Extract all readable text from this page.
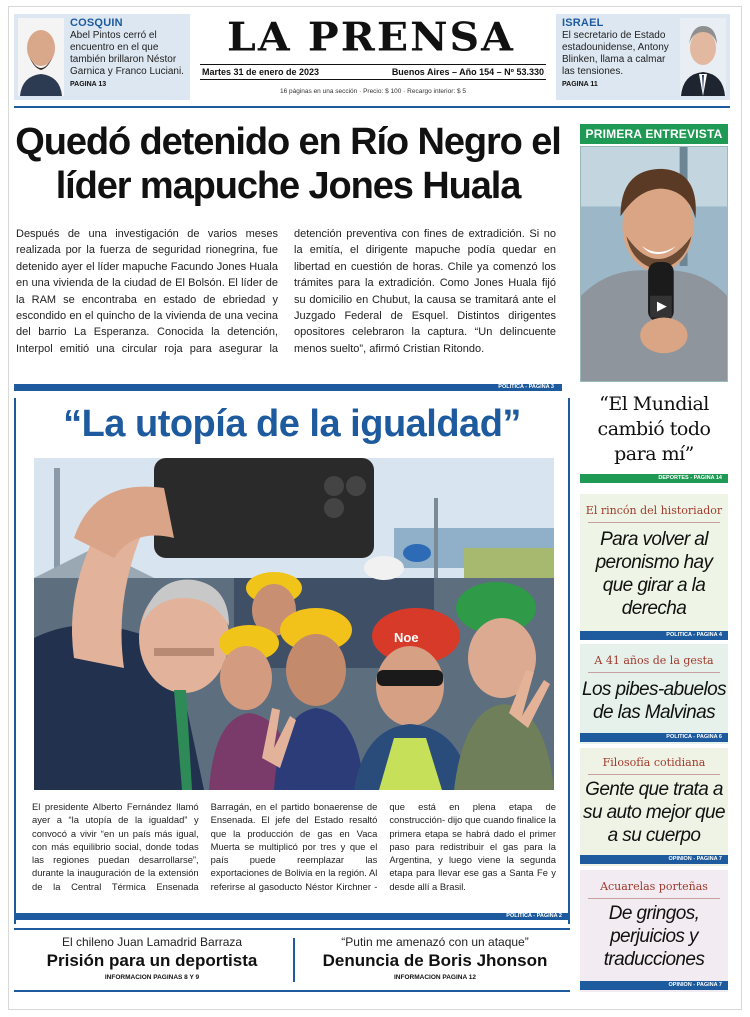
COSQUIN
Abel Pintos cerró el encuentro en el que también brillaron Néstor Garnica y Franco Luciani.
PAGINA 13
LA PRENSA
Martes 31 de enero de 2023	Buenos Aires – Año 154 – Nº 53.330
16 páginas en una sección · Precio: $ 100 · Recargo interior: $ 5
ISRAEL
El secretario de Estado estadounidense, Antony Blinken, llama a calmar las tensiones.
PAGINA 11
Quedó detenido en Río Negro el líder mapuche Jones Huala
Después de una investigación de varios meses realizada por la fuerza de seguridad rionegrina, fue detenido ayer el líder mapuche Facundo Jones Huala en una vivienda de la ciudad de El Bolsón. El líder de la RAM se encontraba en estado de ebriedad y escondido en el quincho de la vivienda de una vecina del barrio La Esperanza. Conocida la detención, Interpol emitió una circular roja para asegurar la detención preventiva con fines de extradición. Si no la emitía, el dirigente mapuche podía quedar en libertad en cuestión de horas. Chile ya comenzó los trámites para la extradición. Como Jones Huala fijó su domicilio en Chubut, la causa se tramitará ante el Juzgado Federal de Esquel. Distintos dirigentes opositores celebraron la captura. “Un delincuente menos suelto”, afirmó Cristian Ritondo.
POLITICA - PAGINA 3
“La utopía de la igualdad”
Noe
El presidente Alberto Fernández llamó ayer a “la utopía de la igualdad” y convocó a vivir “en un país más igual, con más equilibrio social, donde todas las regiones puedan desarrollarse”, durante la inauguración de la extensión de la Central Térmica Ensenada Barragán, en el partido bonaerense de Ensenada. El jefe del Estado resaltó que la producción de gas en Vaca Muerta se multiplicó por tres y que el país puede reemplazar las exportaciones de Bolivia en la región. Al referirse al gasoducto Néstor Kirchner -que está en plena etapa de construcción- dijo que cuando finalice la primera etapa se habrá dado el primer paso para redistribuir el gas para la Argentina, y luego viene la segunda etapa para llevar ese gas a Santa Fe y desde allí a Brasil.
POLITICA - PAGINA 2
El chileno Juan Lamadrid Barraza
Prisión para un deportista
INFORMACION PAGINAS 8 Y 9
“Putin me amenazó con un ataque”
Denuncia de Boris Jhonson
INFORMACION PAGINA 12
PRIMERA ENTREVISTA
“El Mundial cambió todo para mí”
DEPORTES - PAGINA 14
El rincón del historiador
Para volver al peronismo hay que girar a la derecha
POLITICA - PAGINA 4
A 41 años de la gesta
Los pibes-abuelos de las Malvinas
POLITICA - PAGINA 6
Filosofía cotidiana
Gente que trata a su auto mejor que a su cuerpo
OPINION - PAGINA 7
Acuarelas porteñas
De gringos, perjuicios y traducciones
OPINION - PAGINA 7
